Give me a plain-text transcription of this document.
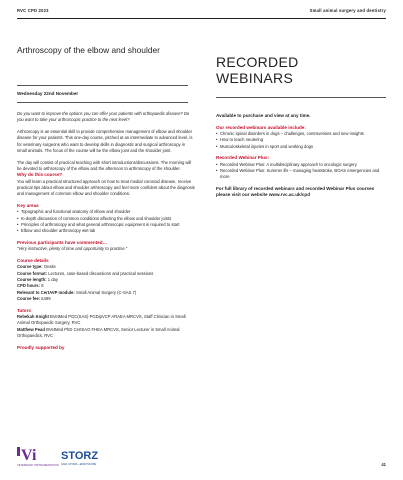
RVC CPD 2023	Small animal surgery and dentistry
Arthroscopy of the elbow and shoulder
RECORDED
WEBINARS
Wednesday 22nd November

Do you want to improve the options you can offer your patients with orthopaedic disease? Do you want to take your arthroscopic practice to the next level?

Arthroscopy is an essential skill to provide comprehensive management of elbow and shoulder disease for your patients. This one-day course, pitched at an intermediate to advanced level, is for veterinary surgeons who want to develop skills in diagnostic and surgical arthroscopy in small animals. The focus of the course will be the elbow joint and the shoulder joint.

The day will consist of practical teaching with short introductions/discussions. The morning will be devoted to arthroscopy of the elbow and the afternoon to arthroscopy of the shoulder.

Why do this course?

You will learn a practical structured approach on how to treat medial coronoid disease, receive practical tips about elbow and shoulder arthroscopy and feel more confident about the diagnosis and management of common elbow and shoulder conditions.

Key areas

• Topographic and functional anatomy of elbow and shoulder
• In-depth discussion of common conditions affecting the elbow and shoulder joints
• Principles of arthroscopy and what general arthroscopic equipment is required to start
• Elbow and shoulder arthroscopy wet lab

Previous participants have commented…

“Very instructive, plenty of time and opportunity to practise.”

Course details

Course type: Onsite

Course format: Lectures, case-based discussions and practical sessions

Course length: 1 day

CPD hours: 6

Relevant to CertAVP module: Small Animal Surgery (C-SAS.7)

Course fee: £499

Tutors

Rebekah Knight BVetMed PGC(SAS) PGDipVCP ARAEA MRCVS, Staff Clinician in Small Animal Orthopaedic Surgery, RVC

Matthew Pead BVetMed PhD CertSAO FHEA MRCVS, Senior Lecturer in Small Animal Orthopaedics, RVC

Proudly supported by

Vi
VETERINARY INSTRUMENTATION
STORZ
KARL STORZ—ENDOSKOPE

Available to purchase and view at any time.

Our recorded webinars available include:

• Chronic spinal disorders in dogs – challenges, controversies and new insights
• How to teach neutering
• Musculoskeletal injuries in sport and working dogs

Recorded Webinar Plus:

• Recorded Webinar Plus: A multidisciplinary approach to oncologic surgery
• Recorded Webinar Plus: Summer ills – managing heatstroke, BOAS emergencies and more

For full library of recorded webinars and recorded Webinar Plus courses please visit our website www.rvc.ac.uk/cpd

41
